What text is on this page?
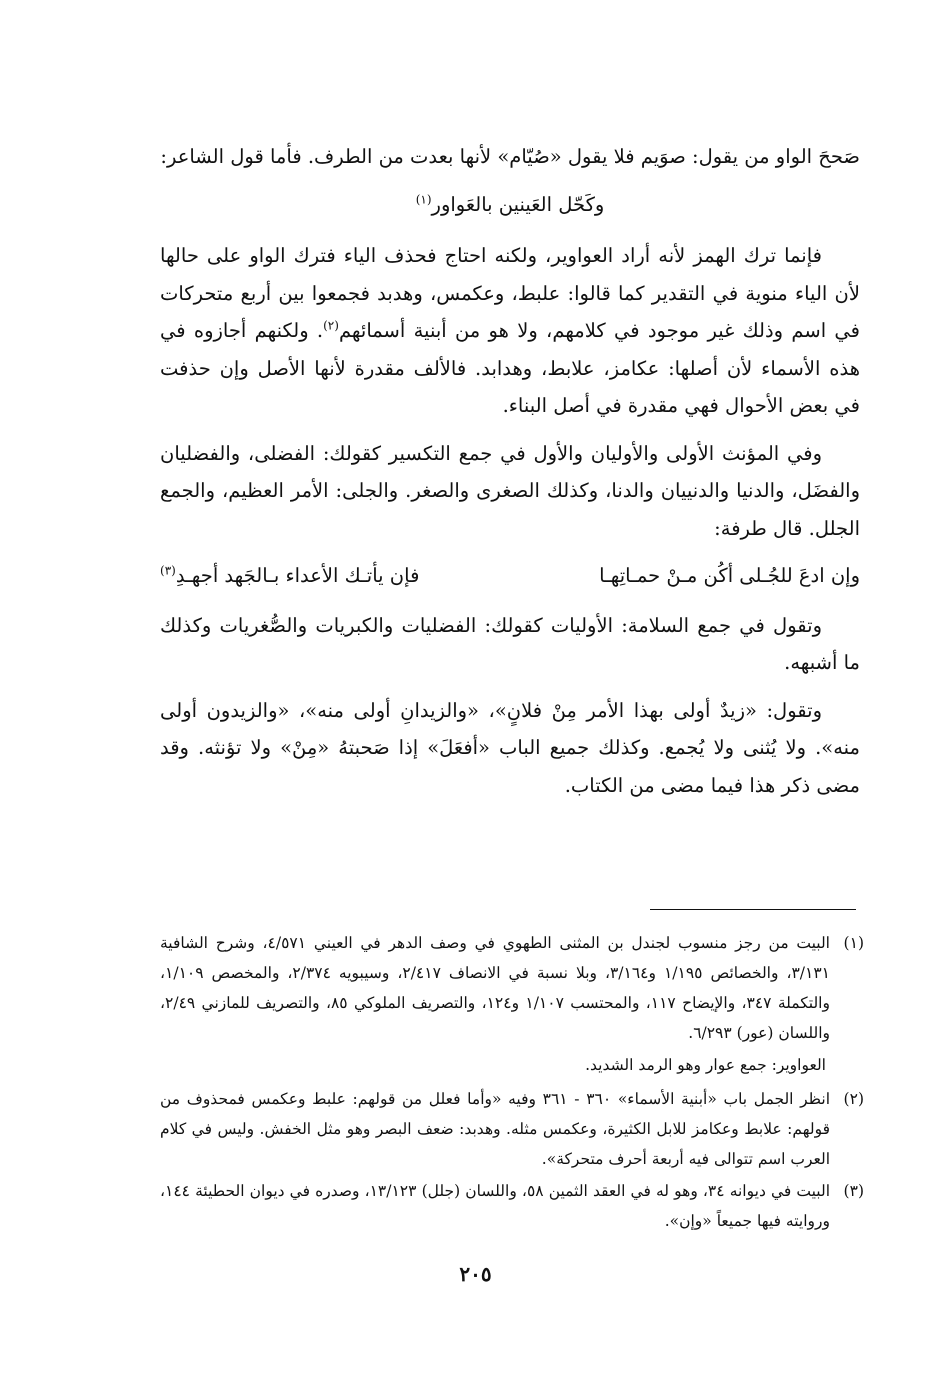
صَححَ الواو من يقول: صوَيم فلا يقول «صُيّام» لأنها بعدت من الطرف. فأما قول الشاعر:

وكَحّل العَينين بالعَواور$^{(١)}$

فإنما ترك الهمز لأنه أراد العواوير، ولكنه احتاج فحذف الياء فترك الواو على حالها لأن الياء منوية في التقدير كما قالوا: علبط، وعكمس، وهدبد فجمعوا بين أربع متحركات في اسم وذلك غير موجود في كلامهم، ولا هو من أبنية أسمائهم$^{(٢)}$. ولكنهم أجازوه في هذه الأسماء لأن أصلها: عكامز، علابط، وهدابد. فالألف مقدرة لأنها الأصل وإن حذفت في بعض الأحوال فهي مقدرة في أصل البناء.

وفي المؤنث الأولى والأوليان والأول في جمع التكسير كقولك: الفضلى، والفضليان والفضَل، والدنيا والدنييان والدنا، وكذلك الصغرى والصغر. والجلى: الأمر العظيم، والجمع الجلل. قال طرفة:

وإن ادعَ للجُـلى أكُن مـنْ حمـاتِهـا
فإن يأتـك الأعداء بـالجَهد أجهـدِ$^{(٣)}$

وتقول في جمع السلامة: الأوليات كقولك: الفضليات والكبريات والصُّغريات وكذلك ما أشبهه.

وتقول: «زيدٌ أولى بهذا الأمر مِنْ فلانٍ»، «والزيدانِ أولى منه»، «والزيدون أولى منه». ولا يُثنى ولا يُجمع. وكذلك جميع الباب «أفعَلَ» إذا صَحبتهُ «مِنْ» ولا تؤنثه. وقد مضى ذكر هذا فيما مضى من الكتاب.

(١)
البيت من رجز منسوب لجندل بن المثنى الطهوي في وصف الدهر في العيني ٤/٥٧١، وشرح الشافية ٣/١٣١، والخصائص ١/١٩٥ و٣/١٦٤، وبلا نسبة في الانصاف ٢/٤١٧، وسيبويه ٢/٣٧٤، والمخصص ١/١٠٩، والتكملة ٣٤٧، والإيضاح ١١٧، والمحتسب ١/١٠٧ و١٢٤، والتصريف الملوكي ٨٥، والتصريف للمازني ٢/٤٩، واللسان (عور) ٦/٢٩٣.
العواوير: جمع عوار وهو الرمد الشديد.
(٢)
انظر الجمل باب «أبنية الأسماء» ٣٦٠ - ٣٦١ وفيه «وأما فعلل من قولهم: علبط وعكمس فمحذوف من قولهم: علابط وعكامز للابل الكثيرة، وعكمس مثله. وهدبد: ضعف البصر وهو مثل الخفش. وليس في كلام العرب اسم تتوالى فيه أربعة أحرف متحركة».
(٣)
البيت في ديوانه ٣٤، وهو له في العقد الثمين ٥٨، واللسان (جلل) ١٣/١٢٣، وصدره في ديوان الحطيئة ١٤٤، وروايته فيها جميعاً «وإن».
٢٠٥
